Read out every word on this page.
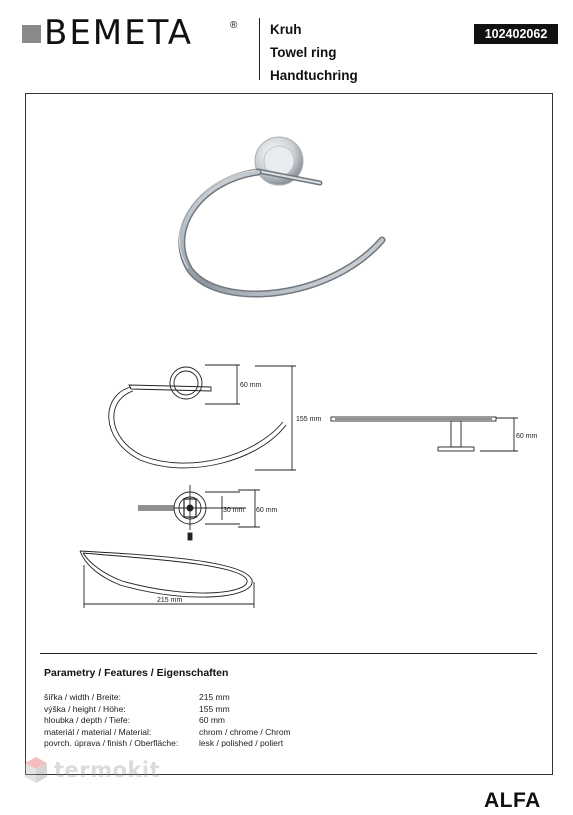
BEMETA	® Kruh
Towel ring
Handtuchring
102402062
60 mm
155 mm
60 mm
30 mm 60 mm
215 mm
Parametry / Features / Eigenschaften
šířka / width / Breite:	215 mm
výška / height / Höhe:	155 mm
hloubka / depth / Tiefe:	60 mm
materiál / material / Material:	chrom / chrome / Chrom
povrch. úprava / finish / Oberfläche:	lesk / polished / poliert
termokit
ALFA
